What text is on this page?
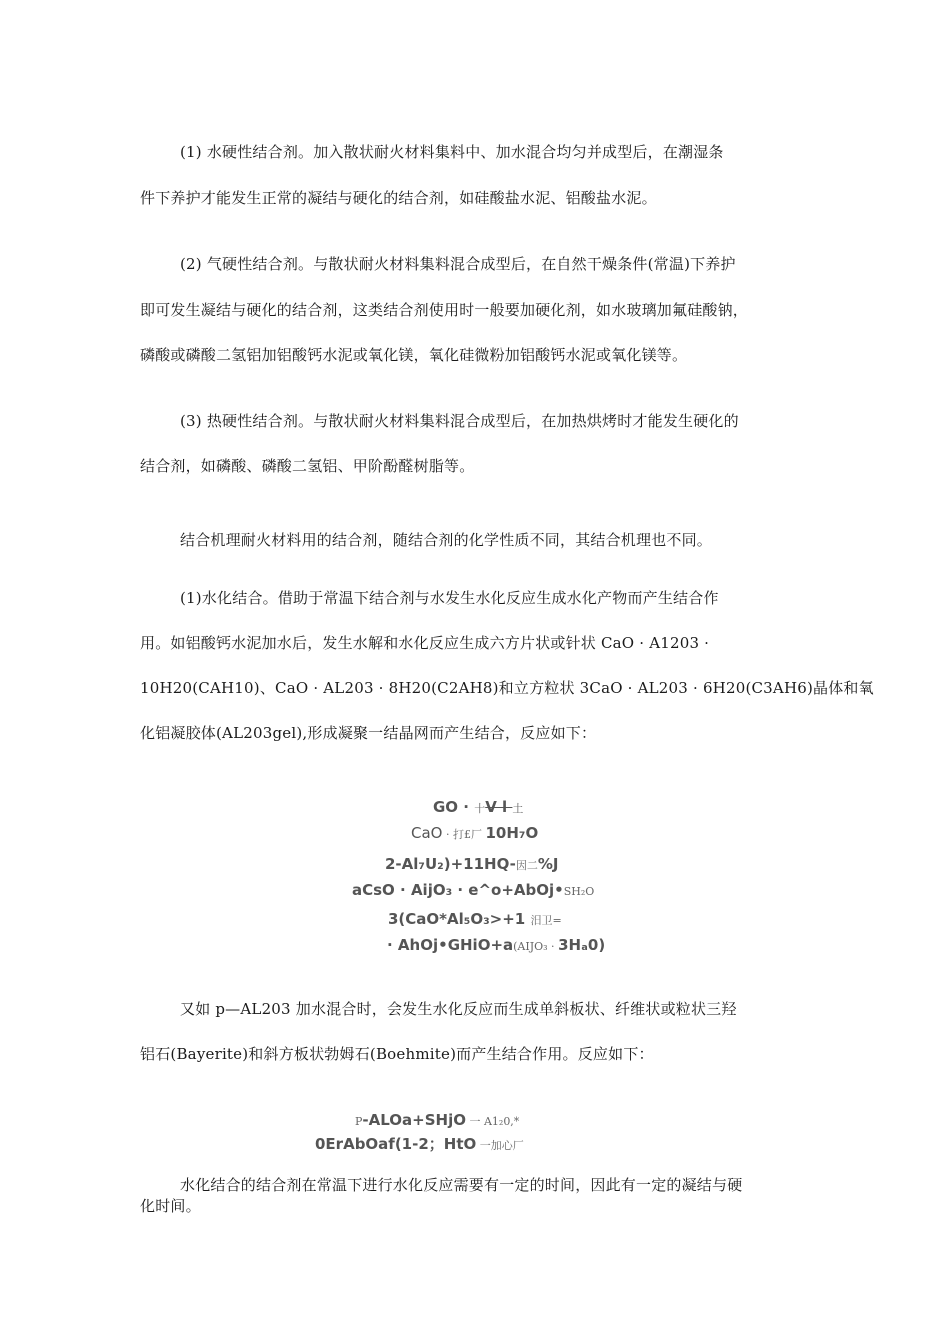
(1) 水硬性结合剂。加入散状耐火材料集料中、加水混合均匀并成型后，在潮湿条
件下养护才能发生正常的凝结与硬化的结合剂，如硅酸盐水泥、铝酸盐水泥。
(2) 气硬性结合剂。与散状耐火材料集料混合成型后，在自然干燥条件(常温)下养护
即可发生凝结与硬化的结合剂，这类结合剂使用时一般要加硬化剂，如水玻璃加氟硅酸钠，
磷酸或磷酸二氢铝加铝酸钙水泥或氧化镁，氧化硅微粉加铝酸钙水泥或氧化镁等。
(3) 热硬性结合剂。与散状耐火材料集料混合成型后，在加热烘烤时才能发生硬化的
结合剂，如磷酸、磷酸二氢铝、甲阶酚醛树脂等。
结合机理耐火材料用的结合剂，随结合剂的化学性质不同，其结合机理也不同。
(1)水化结合。借助于常温下结合剂与水发生水化反应生成水化产物而产生结合作
用。如铝酸钙水泥加水后，发生水解和水化反应生成六方片状或针状 CaO · A1203 ·
10H20(CAH10)、CaO · AL203 · 8H20(C2AH8)和立方粒状 3CaO · AL203 · 6H20(C3AH6)晶体和氧
化铝凝胶体(AL203gel),形成凝聚一结晶网而产生结合，反应如下：
GO · 十V l 土
CaO · 打£厂 10H₇O
2-Al₇U₂)+11HQ-因二%J
aCsO · AijO₃ · e^o+AbOj•SH₂O
3(CaO*Al₅O₃>+1 汨卫=
· AhOj•GHiO+a(AIJO₃ · 3Hₐ0)
又如 p—AL203 加水混合时，会发生水化反应而生成单斜板状、纤维状或粒状三羟
铝石(Bayerite)和斜方板状勃姆石(Boehmite)而产生结合作用。反应如下：
P-ALOa+SHjO 一 A1₂0,*
0ErAbOaf(1-2；HtO 一加心厂
水化结合的结合剂在常温下进行水化反应需要有一定的时间，因此有一定的凝结与硬
化时间。
